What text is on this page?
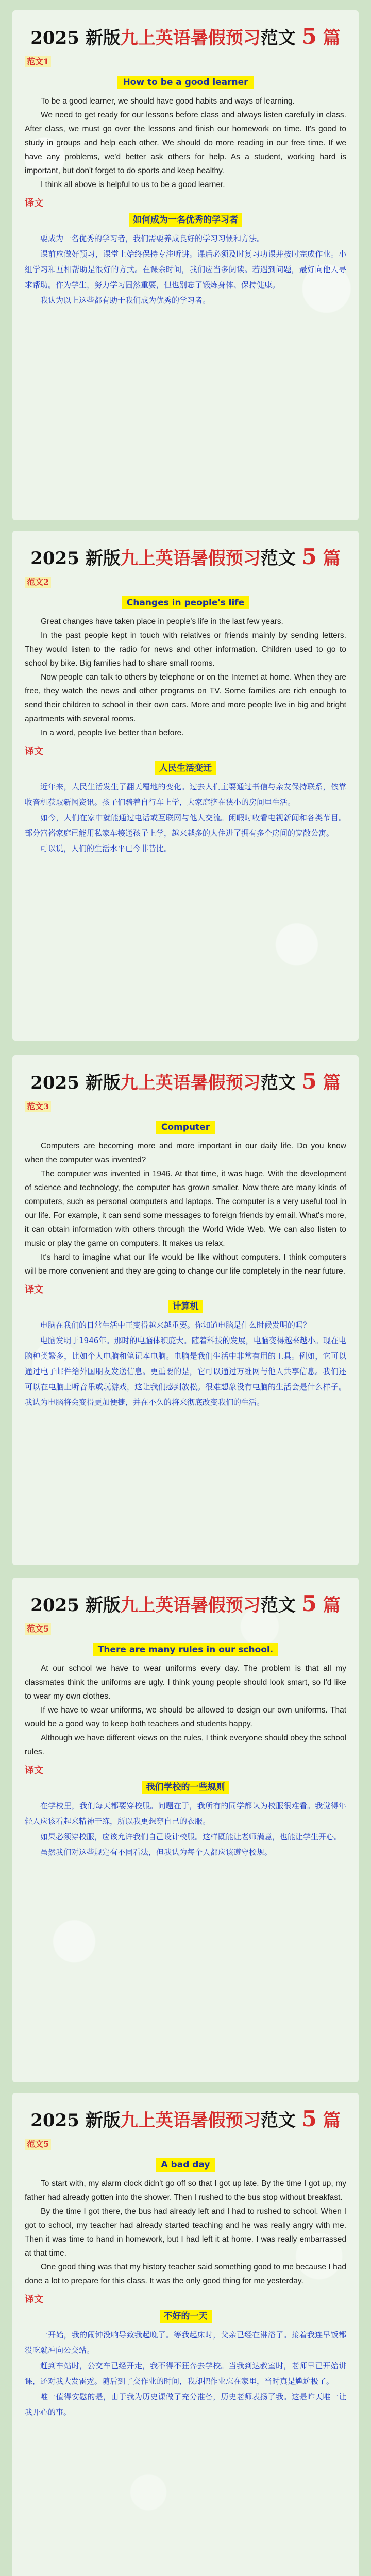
2025 新版九上英语暑假预习范文 5 篇
范文1
How to be a good learner

To be a good learner, we should have good habits and ways of learning.

We need to get ready for our lessons before class and always listen carefully in class. After class, we must go over the lessons and finish our homework on time. It's good to study in groups and help each other. We should do more reading in our free time. If we have any problems, we'd better ask others for help. As a student, working hard is important, but don't forget to do sports and keep healthy.

I think all above is helpful to us to be a good learner.

译文
如何成为一名优秀的学习者

要成为一名优秀的学习者，我们需要养成良好的学习习惯和方法。

课前应做好预习，课堂上始终保持专注听讲。课后必须及时复习功课并按时完成作业。小组学习和互相帮助是很好的方式。在课余时间，我们应当多阅读。若遇到问题，最好向他人寻求帮助。作为学生，努力学习固然重要，但也别忘了锻炼身体、保持健康。

我认为以上这些都有助于我们成为优秀的学习者。

2025 新版九上英语暑假预习范文 5 篇
范文2
Changes in people's life

Great changes have taken place in people's life in the last few years.

In the past people kept in touch with relatives or friends mainly by sending letters. They would listen to the radio for news and other information. Children used to go to school by bike. Big families had to share small rooms.

Now people can talk to others by telephone or on the Internet at home. When they are free, they watch the news and other programs on TV. Some families are rich enough to send their children to school in their own cars. More and more people live in big and bright apartments with several rooms.

In a word, people live better than before.

译文
人民生活变迁

近年来，人民生活发生了翻天覆地的变化。过去人们主要通过书信与亲友保持联系，依靠收音机获取新闻资讯。孩子们骑着自行车上学，大家庭挤在狭小的房间里生活。

如今，人们在家中就能通过电话或互联网与他人交流。闲暇时收看电视新闻和各类节目。部分富裕家庭已能用私家车接送孩子上学，越来越多的人住进了拥有多个房间的宽敞公寓。

可以说，人们的生活水平已今非昔比。

2025 新版九上英语暑假预习范文 5 篇
范文3
Computer

Computers are becoming more and more important in our daily life. Do you know when the computer was invented?

The computer was invented in 1946. At that time, it was huge. With the development of science and technology, the computer has grown smaller. Now there are many kinds of computers, such as personal computers and laptops. The computer is a very useful tool in our life. For example, it can send some messages to foreign friends by email. What's more, it can obtain information with others through the World Wide Web. We can also listen to music or play the game on computers. It makes us relax.

It's hard to imagine what our life would be like without computers. I think computers will be more convenient and they are going to change our life completely in the near future.

译文
计算机

电脑在我们的日常生活中正变得越来越重要。你知道电脑是什么时候发明的吗？

电脑发明于1946年。那时的电脑体积庞大。随着科技的发展，电脑变得越来越小。现在电脑种类繁多，比如个人电脑和笔记本电脑。电脑是我们生活中非常有用的工具。例如，它可以通过电子邮件给外国朋友发送信息。更重要的是，它可以通过万维网与他人共享信息。我们还可以在电脑上听音乐或玩游戏，这让我们感到放松。很难想象没有电脑的生活会是什么样子。我认为电脑将会变得更加便捷，并在不久的将来彻底改变我们的生活。

2025 新版九上英语暑假预习范文 5 篇
范文5
There are many rules in our school.

At our school we have to wear uniforms every day. The problem is that all my classmates think the uniforms are ugly. I think young people should look smart, so I'd like to wear my own clothes.

If we have to wear uniforms, we should be allowed to design our own uniforms. That would be a good way to keep both teachers and students happy.

Although we have different views on the rules, I think everyone should obey the school rules.

译文
我们学校的一些规则

在学校里，我们每天都要穿校服。问题在于，我所有的同学都认为校服很难看。我觉得年轻人应该看起来精神干练，所以我更想穿自己的衣服。

如果必须穿校服，应该允许我们自己设计校服。这样既能让老师满意，也能让学生开心。

虽然我们对这些规定有不同看法，但我认为每个人都应该遵守校规。

2025 新版九上英语暑假预习范文 5 篇
范文5
A bad day

To start with, my alarm clock didn't go off so that I got up late. By the time I got up, my father had already gotten into the shower. Then I rushed to the bus stop without breakfast.

By the time I got there, the bus had already left and I had to rushed to school. When I got to school, my teacher had already started teaching and he was really angry with me. Then it was time to hand in homework, but I had left it at home. I was really embarrassed at that time.

One good thing was that my history teacher said something good to me because I had done a lot to prepare for this class. It was the only good thing for me yesterday.

译文
不好的一天

一开始，我的闹钟没响导致我起晚了。等我起床时，父亲已经在淋浴了。接着我连早饭都没吃就冲向公交站。

赶到车站时，公交车已经开走，我不得不狂奔去学校。当我到达教室时，老师早已开始讲课，还对我大发雷霆。随后到了交作业的时间，我却把作业忘在家里，当时真是尴尬极了。

唯一值得安慰的是，由于我为历史课做了充分准备，历史老师表扬了我。这是昨天唯一让我开心的事。
